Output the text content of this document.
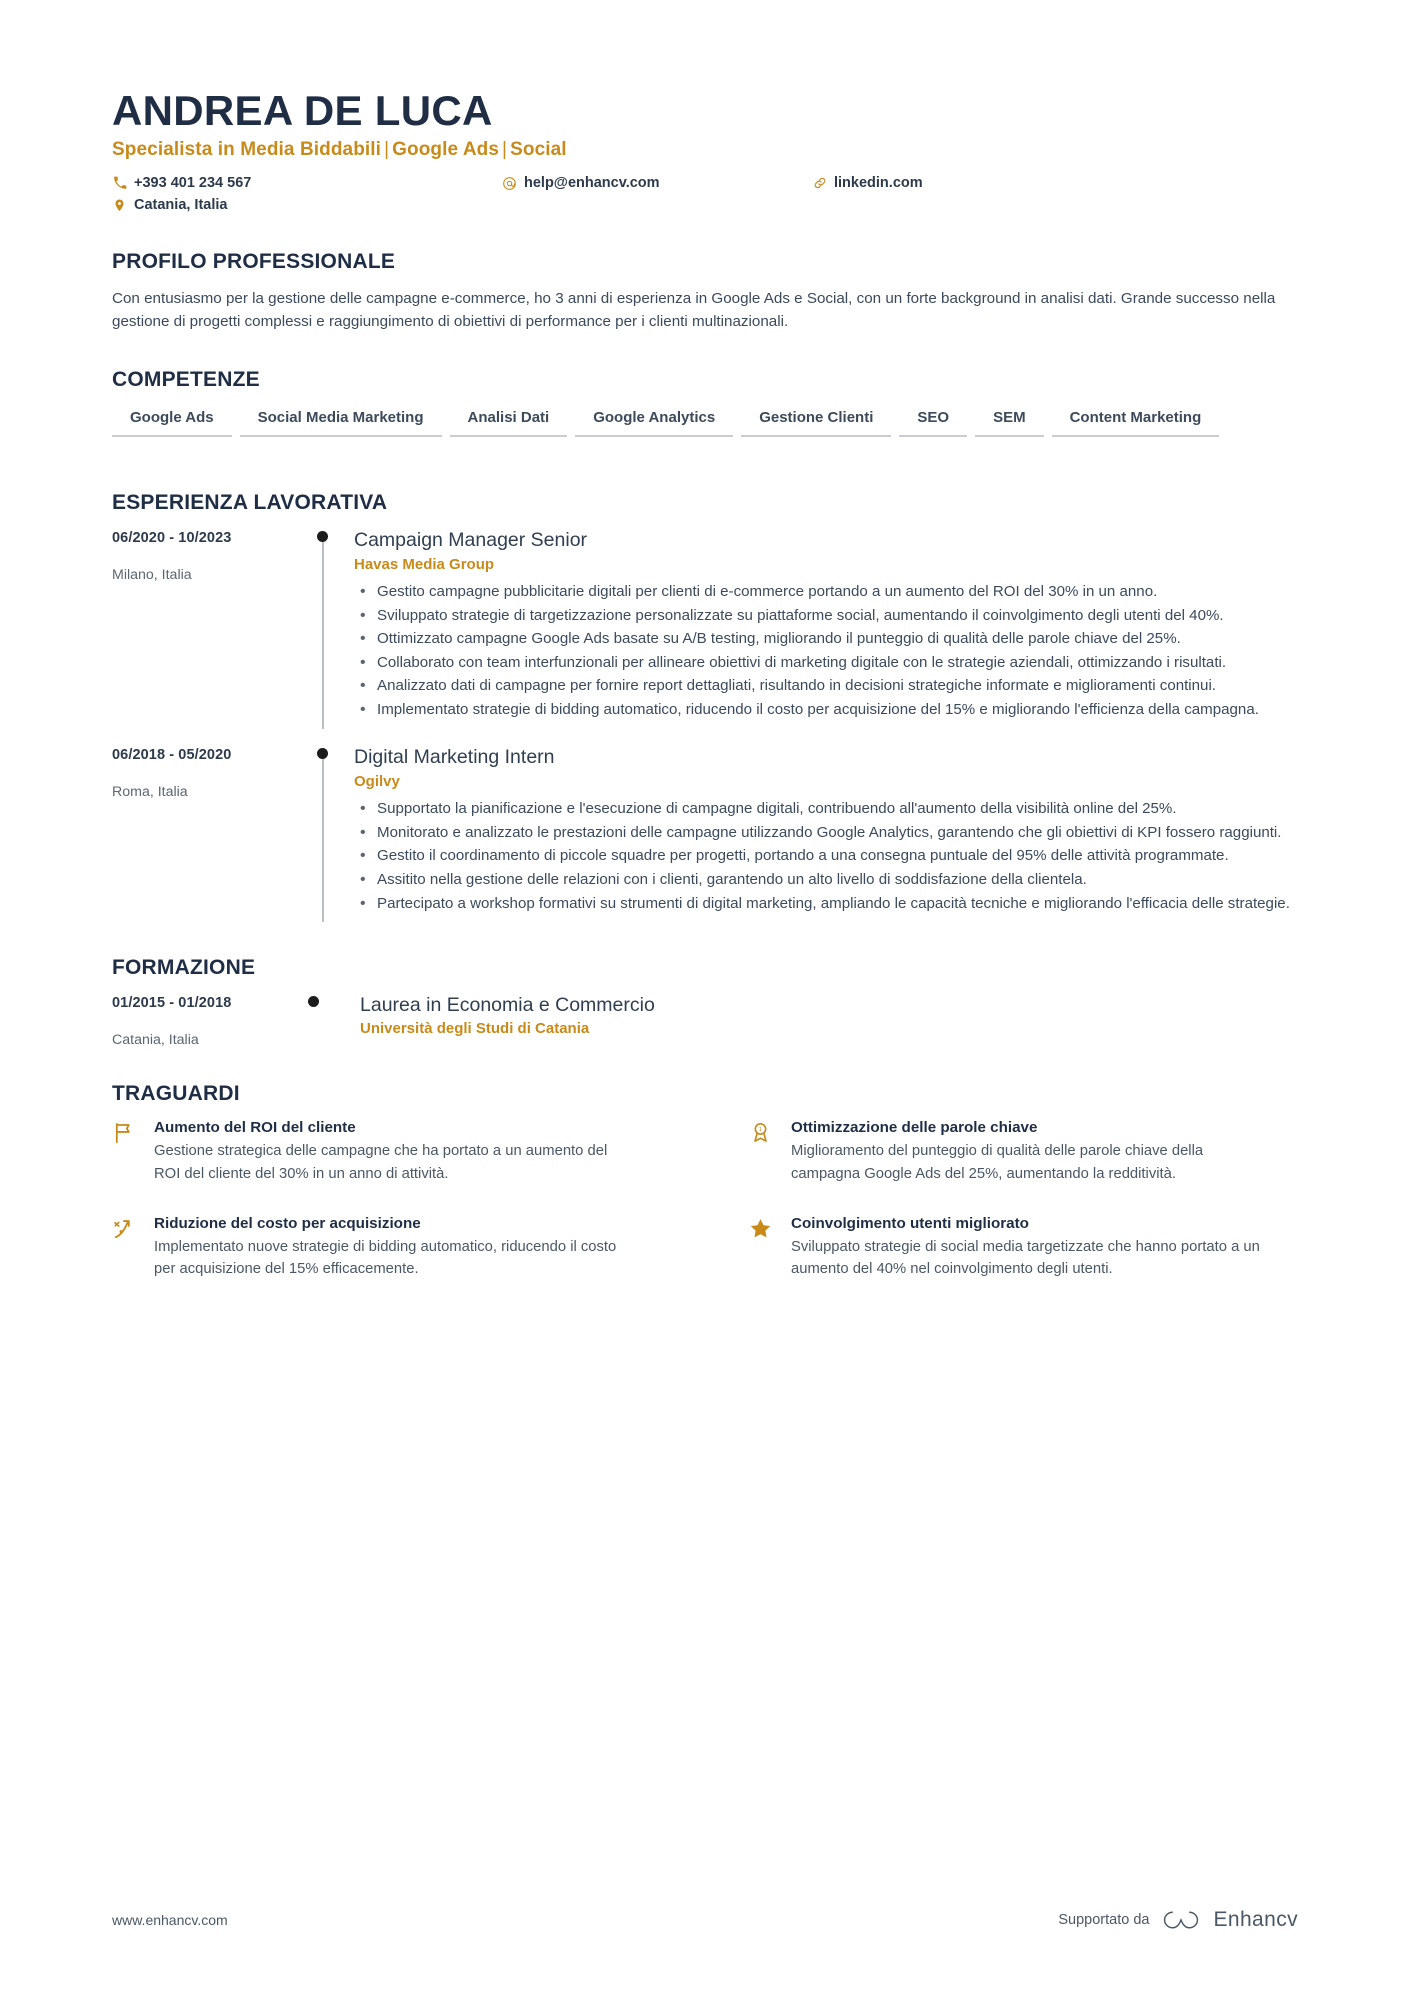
ANDREA DE LUCA
Specialista in Media Biddabili | Google Ads | Social
+393 401 234 567	help@enhancv.com	linkedin.com
Catania, Italia
PROFILO PROFESSIONALE
Con entusiasmo per la gestione delle campagne e-commerce, ho 3 anni di esperienza in Google Ads e Social, con un forte background in analisi dati. Grande successo nella gestione di progetti complessi e raggiungimento di obiettivi di performance per i clienti multinazionali.
COMPETENZE
Google Ads	Social Media Marketing	Analisi Dati	Google Analytics	Gestione Clienti	SEO	SEM	Content Marketing
ESPERIENZA LAVORATIVA
06/2020 - 10/2023
Milano, Italia
Campaign Manager Senior
Havas Media Group
• Gestito campagne pubblicitarie digitali per clienti di e-commerce portando a un aumento del ROI del 30% in un anno.
• Sviluppato strategie di targetizzazione personalizzate su piattaforme social, aumentando il coinvolgimento degli utenti del 40%.
• Ottimizzato campagne Google Ads basate su A/B testing, migliorando il punteggio di qualità delle parole chiave del 25%.
• Collaborato con team interfunzionali per allineare obiettivi di marketing digitale con le strategie aziendali, ottimizzando i risultati.
• Analizzato dati di campagne per fornire report dettagliati, risultando in decisioni strategiche informate e miglioramenti continui.
• Implementato strategie di bidding automatico, riducendo il costo per acquisizione del 15% e migliorando l'efficienza della campagna.
06/2018 - 05/2020
Roma, Italia
Digital Marketing Intern
Ogilvy
• Supportato la pianificazione e l'esecuzione di campagne digitali, contribuendo all'aumento della visibilità online del 25%.
• Monitorato e analizzato le prestazioni delle campagne utilizzando Google Analytics, garantendo che gli obiettivi di KPI fossero raggiunti.
• Gestito il coordinamento di piccole squadre per progetti, portando a una consegna puntuale del 95% delle attività programmate.
• Assitito nella gestione delle relazioni con i clienti, garantendo un alto livello di soddisfazione della clientela.
• Partecipato a workshop formativi su strumenti di digital marketing, ampliando le capacità tecniche e migliorando l'efficacia delle strategie.
FORMAZIONE
01/2015 - 01/2018
Catania, Italia
Laurea in Economia e Commercio
Università degli Studi di Catania
TRAGUARDI
Aumento del ROI del cliente
Gestione strategica delle campagne che ha portato a un aumento del ROI del cliente del 30% in un anno di attività.
1 Ottimizzazione delle parole chiave
Miglioramento del punteggio di qualità delle parole chiave della campagna Google Ads del 25%, aumentando la redditività.
Riduzione del costo per acquisizione
Implementato nuove strategie di bidding automatico, riducendo il costo per acquisizione del 15% efficacemente.
Coinvolgimento utenti migliorato
Sviluppato strategie di social media targetizzate che hanno portato a un aumento del 40% nel coinvolgimento degli utenti.
www.enhancv.com	Supportato da	Enhancv
